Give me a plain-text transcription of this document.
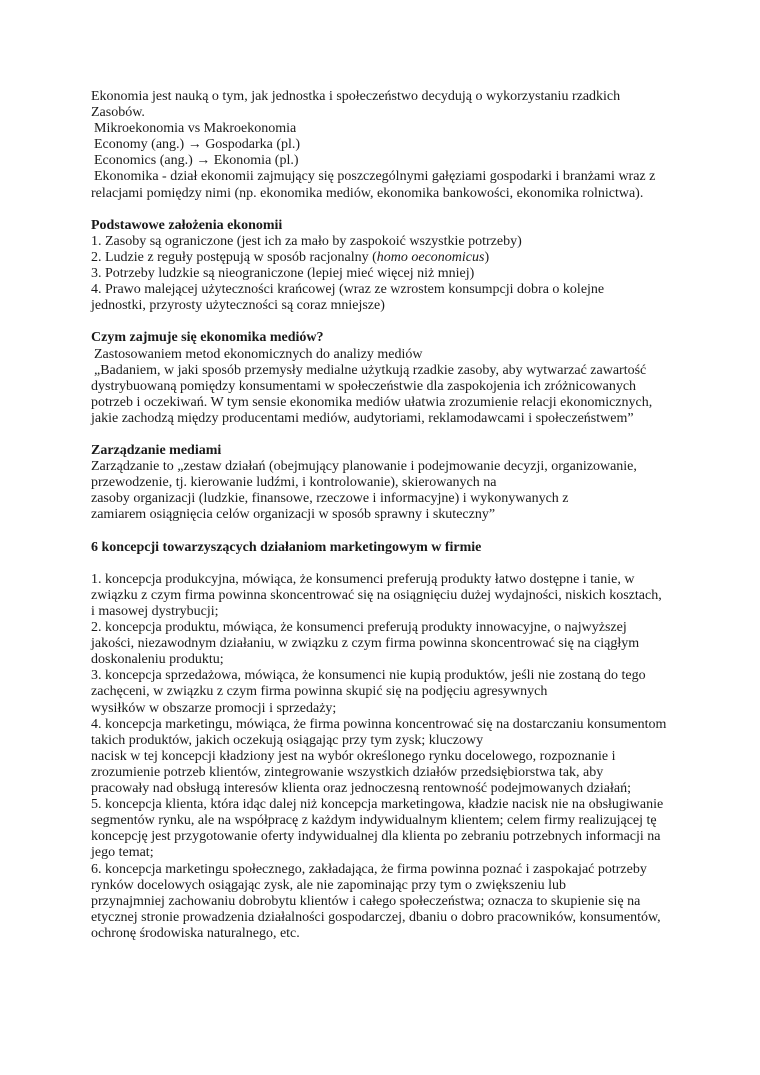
Ekonomia jest nauką o tym, jak jednostka i społeczeństwo decydują o wykorzystaniu rzadkich

Zasobów.

Mikroekonomia vs Makroekonomia

Economy (ang.) → Gospodarka (pl.)

Economics (ang.) → Ekonomia (pl.)

Ekonomika - dział ekonomii zajmujący się poszczególnymi gałęziami gospodarki i branżami wraz z

relacjami pomiędzy nimi (np. ekonomika mediów, ekonomika bankowości, ekonomika rolnictwa).

Podstawowe założenia ekonomii

1. Zasoby są ograniczone (jest ich za mało by zaspokoić wszystkie potrzeby)

2. Ludzie z reguły postępują w sposób racjonalny (homo oeconomicus)

3. Potrzeby ludzkie są nieograniczone (lepiej mieć więcej niż mniej)

4. Prawo malejącej użyteczności krańcowej (wraz ze wzrostem konsumpcji dobra o kolejne

jednostki, przyrosty użyteczności są coraz mniejsze)

Czym zajmuje się ekonomika mediów?

Zastosowaniem metod ekonomicznych do analizy mediów

„Badaniem, w jaki sposób przemysły medialne użytkują rzadkie zasoby, aby wytwarzać zawartość

dystrybuowaną pomiędzy konsumentami w społeczeństwie dla zaspokojenia ich zróżnicowanych

potrzeb i oczekiwań. W tym sensie ekonomika mediów ułatwia zrozumienie relacji ekonomicznych,

jakie zachodzą między producentami mediów, audytoriami, reklamodawcami i społeczeństwem”

Zarządzanie mediami

Zarządzanie to „zestaw działań (obejmujący planowanie i podejmowanie decyzji, organizowanie,

przewodzenie, tj. kierowanie ludźmi, i kontrolowanie), skierowanych na

zasoby organizacji (ludzkie, finansowe, rzeczowe i informacyjne) i wykonywanych z

zamiarem osiągnięcia celów organizacji w sposób sprawny i skuteczny”

6 koncepcji towarzyszących działaniom marketingowym w firmie

1. koncepcja produkcyjna, mówiąca, że konsumenci preferują produkty łatwo dostępne i tanie, w

związku z czym firma powinna skoncentrować się na osiągnięciu dużej wydajności, niskich kosztach,

i masowej dystrybucji;

2. koncepcja produktu, mówiąca, że konsumenci preferują produkty innowacyjne, o najwyższej

jakości, niezawodnym działaniu, w związku z czym firma powinna skoncentrować się na ciągłym

doskonaleniu produktu;

3. koncepcja sprzedażowa, mówiąca, że konsumenci nie kupią produktów, jeśli nie zostaną do tego

zachęceni, w związku z czym firma powinna skupić się na podjęciu agresywnych

wysiłków w obszarze promocji i sprzedaży;

4. koncepcja marketingu, mówiąca, że firma powinna koncentrować się na dostarczaniu konsumentom

takich produktów, jakich oczekują osiągając przy tym zysk; kluczowy

nacisk w tej koncepcji kładziony jest na wybór określonego rynku docelowego, rozpoznanie i

zrozumienie potrzeb klientów, zintegrowanie wszystkich działów przedsiębiorstwa tak, aby

pracowały nad obsługą interesów klienta oraz jednoczesną rentowność podejmowanych działań;

5. koncepcja klienta, która idąc dalej niż koncepcja marketingowa, kładzie nacisk nie na obsługiwanie

segmentów rynku, ale na współpracę z każdym indywidualnym klientem; celem firmy realizującej tę

koncepcję jest przygotowanie oferty indywidualnej dla klienta po zebraniu potrzebnych informacji na

jego temat;

6. koncepcja marketingu społecznego, zakładająca, że firma powinna poznać i zaspokajać potrzeby

rynków docelowych osiągając zysk, ale nie zapominając przy tym o zwiększeniu lub

przynajmniej zachowaniu dobrobytu klientów i całego społeczeństwa; oznacza to skupienie się na

etycznej stronie prowadzenia działalności gospodarczej, dbaniu o dobro pracowników, konsumentów,

ochronę środowiska naturalnego, etc.
